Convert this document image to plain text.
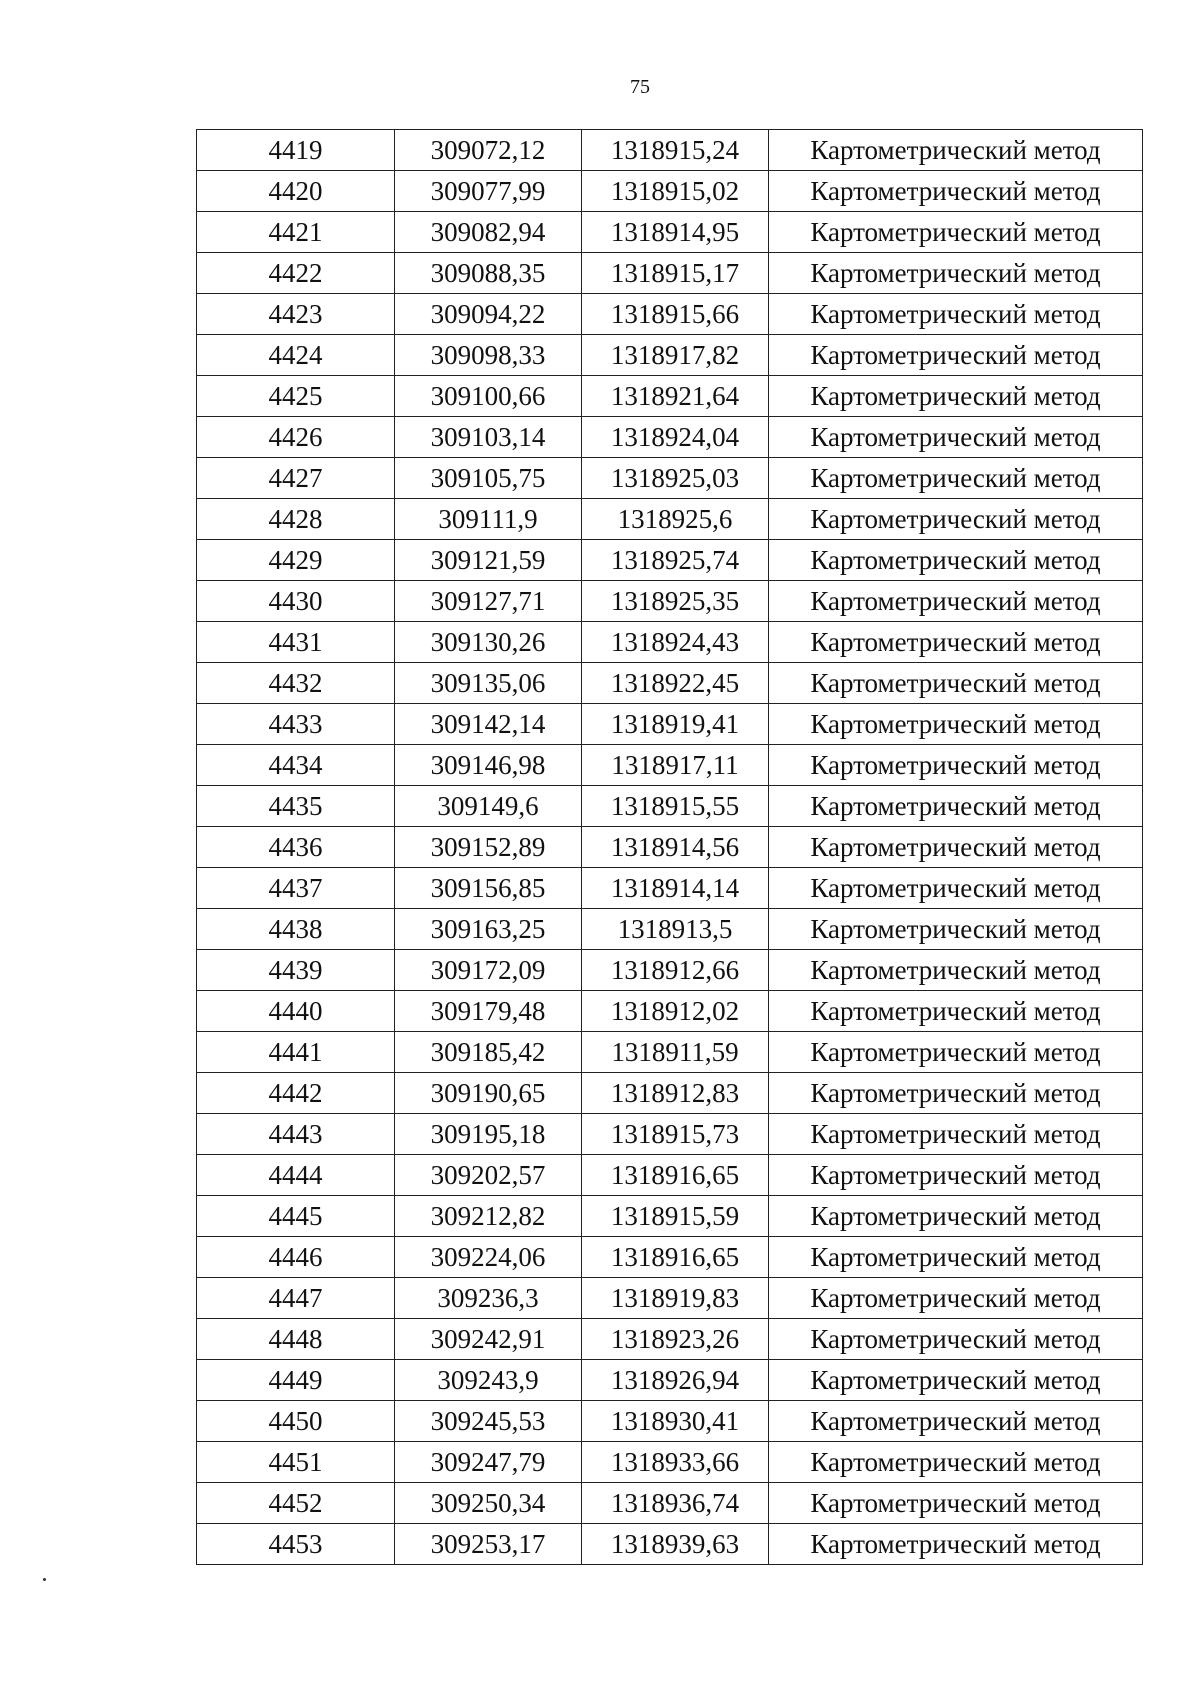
75
4419	309072,12	1318915,24	Картометрический метод
4420	309077,99	1318915,02	Картометрический метод
4421	309082,94	1318914,95	Картометрический метод
4422	309088,35	1318915,17	Картометрический метод
4423	309094,22	1318915,66	Картометрический метод
4424	309098,33	1318917,82	Картометрический метод
4425	309100,66	1318921,64	Картометрический метод
4426	309103,14	1318924,04	Картометрический метод
4427	309105,75	1318925,03	Картометрический метод
4428	309111,9	1318925,6	Картометрический метод
4429	309121,59	1318925,74	Картометрический метод
4430	309127,71	1318925,35	Картометрический метод
4431	309130,26	1318924,43	Картометрический метод
4432	309135,06	1318922,45	Картометрический метод
4433	309142,14	1318919,41	Картометрический метод
4434	309146,98	1318917,11	Картометрический метод
4435	309149,6	1318915,55	Картометрический метод
4436	309152,89	1318914,56	Картометрический метод
4437	309156,85	1318914,14	Картометрический метод
4438	309163,25	1318913,5	Картометрический метод
4439	309172,09	1318912,66	Картометрический метод
4440	309179,48	1318912,02	Картометрический метод
4441	309185,42	1318911,59	Картометрический метод
4442	309190,65	1318912,83	Картометрический метод
4443	309195,18	1318915,73	Картометрический метод
4444	309202,57	1318916,65	Картометрический метод
4445	309212,82	1318915,59	Картометрический метод
4446	309224,06	1318916,65	Картометрический метод
4447	309236,3	1318919,83	Картометрический метод
4448	309242,91	1318923,26	Картометрический метод
4449	309243,9	1318926,94	Картометрический метод
4450	309245,53	1318930,41	Картометрический метод
4451	309247,79	1318933,66	Картометрический метод
4452	309250,34	1318936,74	Картометрический метод
4453	309253,17	1318939,63	Картометрический метод
